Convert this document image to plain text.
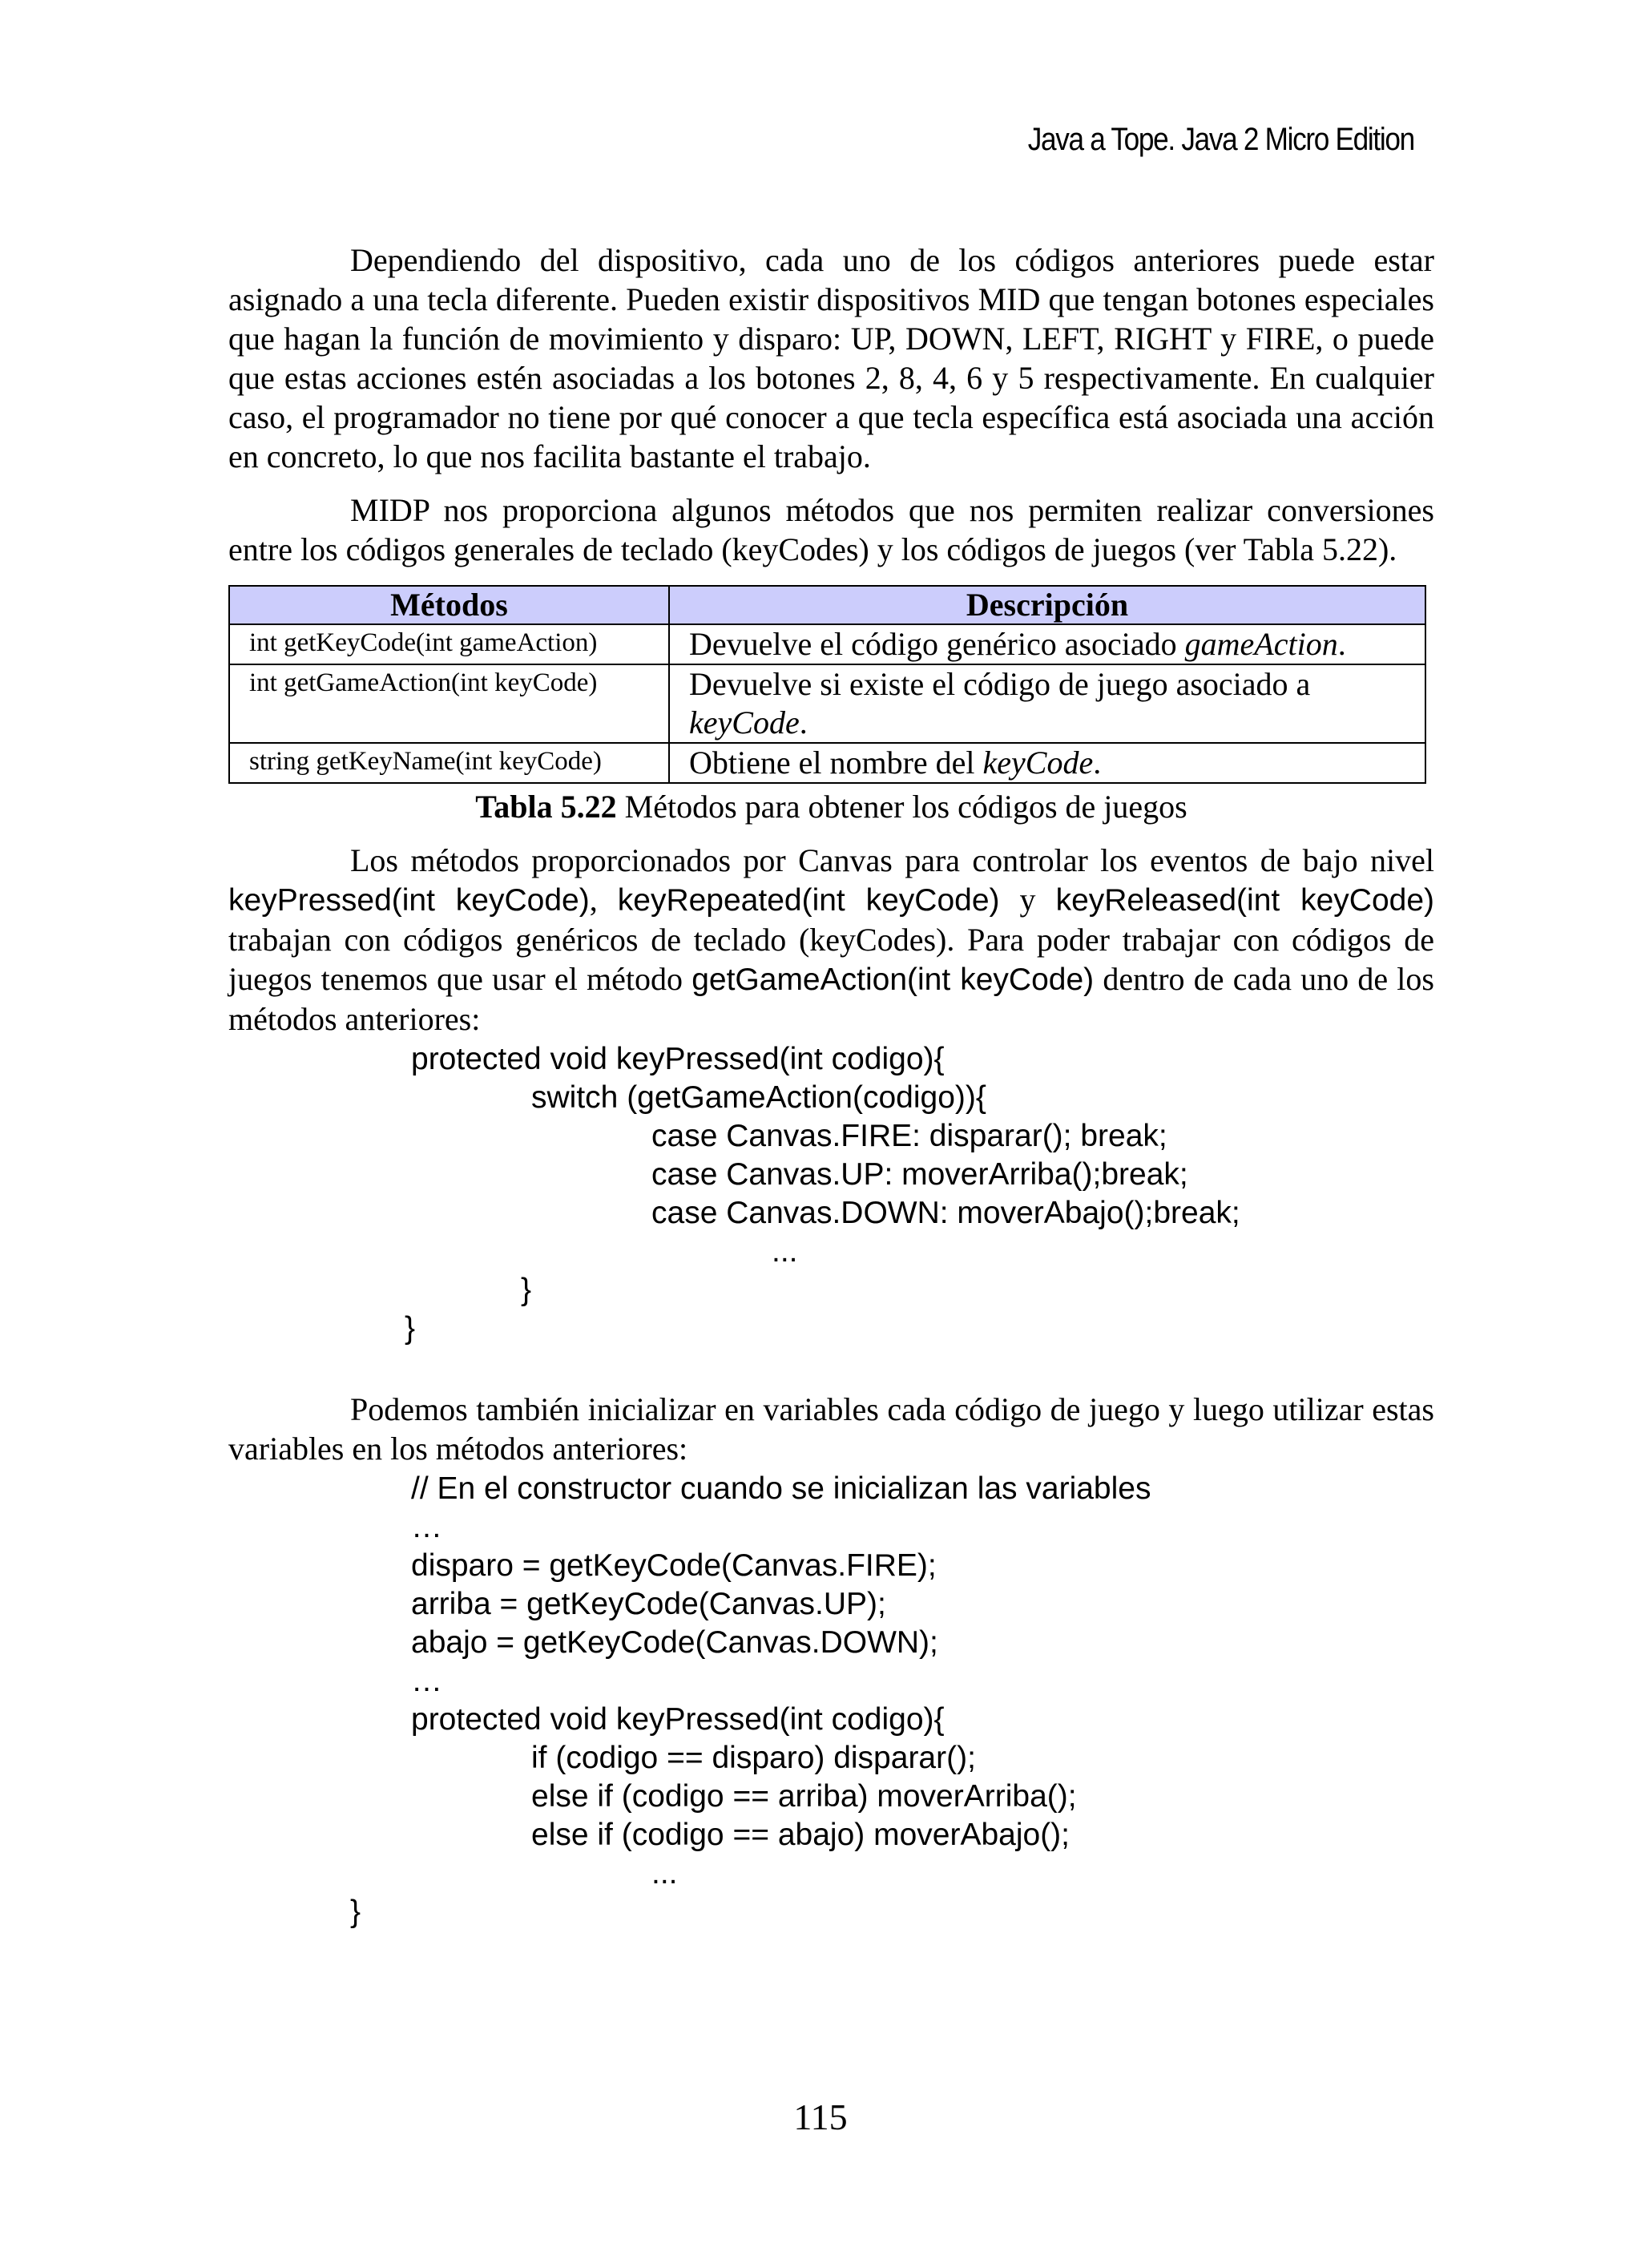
Java a Tope. Java 2 Micro Edition

Dependiendo del dispositivo, cada uno de los códigos anteriores puede estar asignado a una tecla diferente. Pueden existir dispositivos MID que tengan botones especiales que hagan la función de movimiento y disparo: UP, DOWN, LEFT, RIGHT y FIRE, o puede que estas acciones estén asociadas a los botones 2, 8, 4, 6 y 5 respectivamente. En cualquier caso, el programador no tiene por qué conocer a que tecla específica está asociada una acción en concreto, lo que nos facilita bastante el trabajo.

MIDP nos proporciona algunos métodos que nos permiten realizar conversiones entre los códigos generales de teclado (keyCodes) y los códigos de juegos (ver Tabla 5.22).

Métodos	Descripción
int getKeyCode(int gameAction)	Devuelve el código genérico asociado gameAction.
int getGameAction(int keyCode)	Devuelve si existe el código de juego asociado a keyCode.
string getKeyName(int keyCode)	Obtiene el nombre del keyCode.

Tabla 5.22 Métodos para obtener los códigos de juegos

Los métodos proporcionados por Canvas para controlar los eventos de bajo nivel keyPressed(int keyCode), keyRepeated(int keyCode) y keyReleased(int keyCode) trabajan con códigos genéricos de teclado (keyCodes). Para poder trabajar con códigos de juegos tenemos que usar el método getGameAction(int keyCode) dentro de cada uno de los métodos anteriores:

protected void keyPressed(int codigo){
switch (getGameAction(codigo)){
case Canvas.FIRE: disparar(); break;
case Canvas.UP: moverArriba();break;
case Canvas.DOWN: moverAbajo();break;
...
}
}

Podemos también inicializar en variables cada código de juego y luego utilizar estas variables en los métodos anteriores:

// En el constructor cuando se inicializan las variables
…
disparo = getKeyCode(Canvas.FIRE);
arriba = getKeyCode(Canvas.UP);
abajo = getKeyCode(Canvas.DOWN);
…
protected void keyPressed(int codigo){
if (codigo == disparo) disparar();
else if (codigo == arriba) moverArriba();
else if (codigo == abajo) moverAbajo();
...
}
115
